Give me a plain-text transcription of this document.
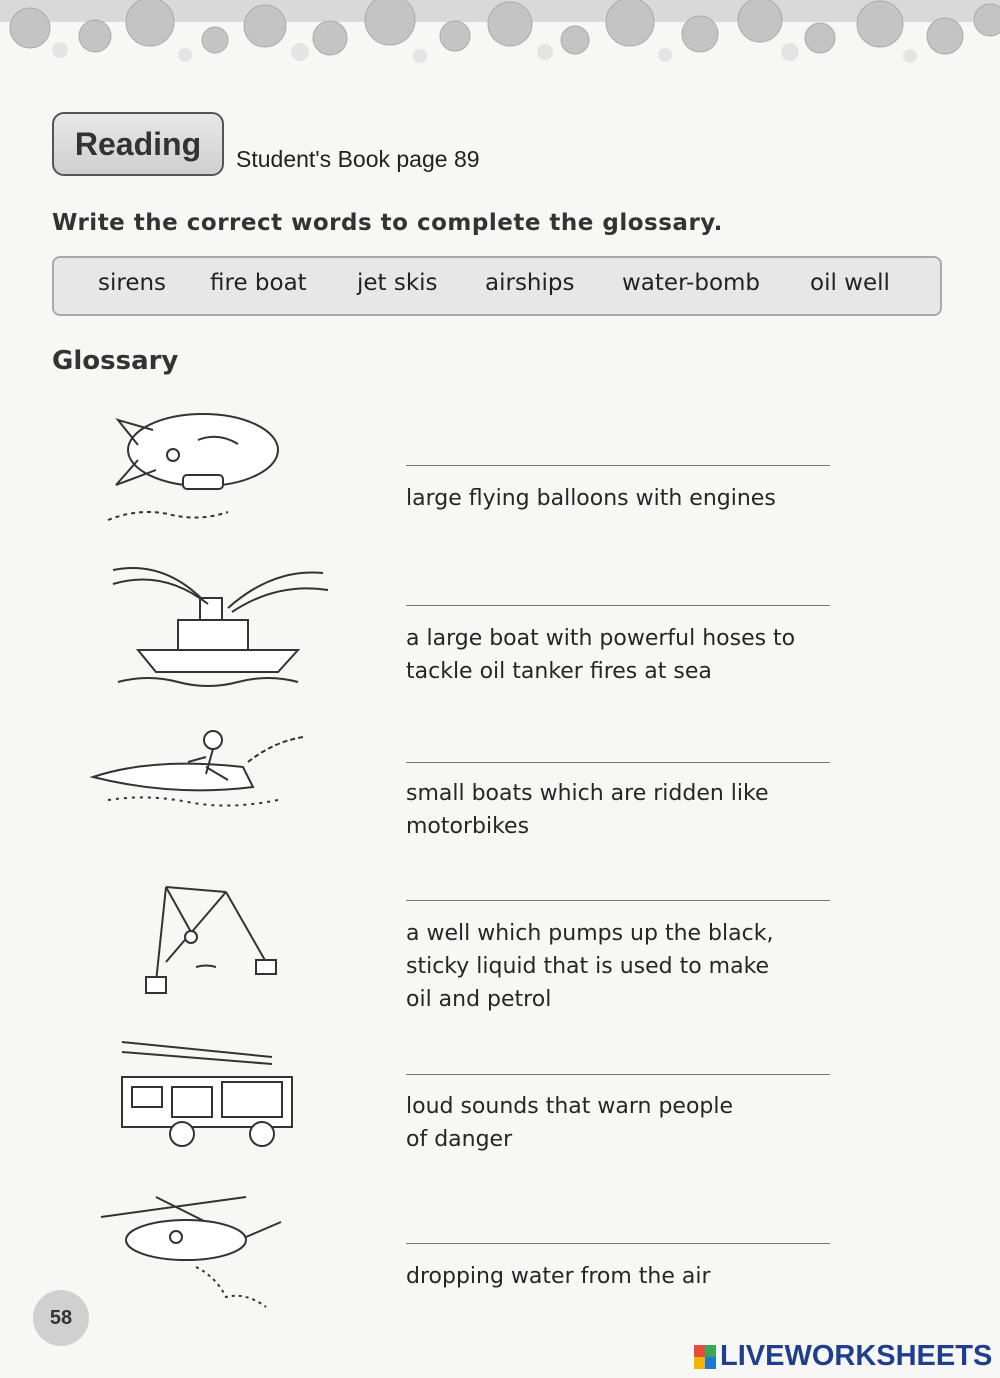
Reading	Student's Book page 89
Write the correct words to complete the glossary.
sirens fire boat jet skis airships water-bomb oil well
Glossary
large flying balloons with engines
a large boat with powerful hoses to
tackle oil tanker fires at sea
small boats which are ridden like
motorbikes
a well which pumps up the black,
sticky liquid that is used to make
oil and petrol
loud sounds that warn people
of danger
dropping water from the air
58
LIVEWORKSHEETS
